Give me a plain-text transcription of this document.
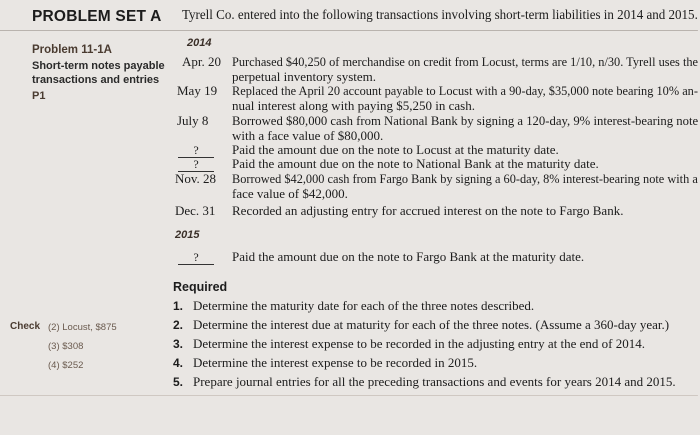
PROBLEM SET A Tyrell Co. entered into the following transactions involving short-term liabilities in 2014 and 2015.
Problem 11-1A
Short-term notes payable
transactions and entries
P1
2014
Apr. 20 Purchased $40,250 of merchandise on credit from Locust, terms are 1/10, n/30. Tyrell uses the
perpetual inventory system.
May 19 Replaced the April 20 account payable to Locust with a 90-day, $35,000 note bearing 10% an-
nual interest along with paying $5,250 in cash.
July 8 Borrowed $80,000 cash from National Bank by signing a 120-day, 9% interest-bearing note
with a face value of $80,000.
?	Paid the amount due on the note to Locust at the maturity date.
?	Paid the amount due on the note to National Bank at the maturity date.
Nov. 28 Borrowed $42,000 cash from Fargo Bank by signing a 60-day, 8% interest-bearing note with a
face value of $42,000.
Dec. 31 Recorded an adjusting entry for accrued interest on the note to Fargo Bank.
2015
?	Paid the amount due on the note to Fargo Bank at the maturity date.
Required
1. Determine the maturity date for each of the three notes described.
2. Determine the interest due at maturity for each of the three notes. (Assume a 360-day year.)
3. Determine the interest expense to be recorded in the adjusting entry at the end of 2014.
4. Determine the interest expense to be recorded in 2015.
5. Prepare journal entries for all the preceding transactions and events for years 2014 and 2015.
Check (2) Locust, $875
(3) $308
(4) $252
